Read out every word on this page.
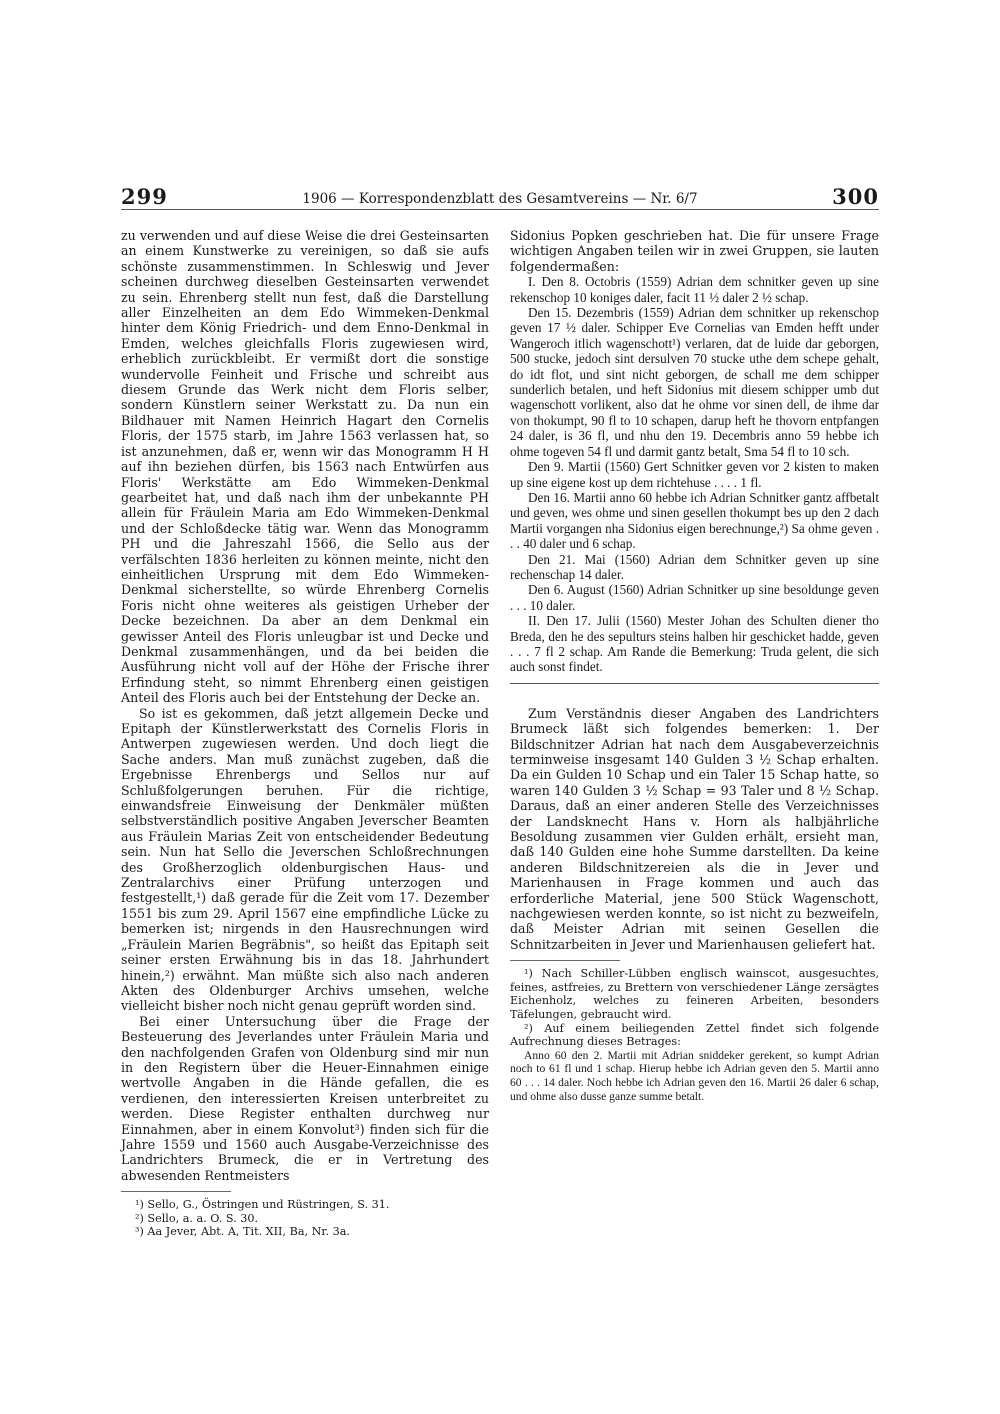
299	1906 — Korrespondenzblatt des Gesamtvereins — Nr. 6/7	300

zu verwenden und auf diese Weise die drei Gesteinsarten an einem Kunstwerke zu vereinigen, so daß sie aufs schönste zusammenstimmen. In Schleswig und Jever scheinen durchweg dieselben Gesteinsarten verwendet zu sein. Ehrenberg stellt nun fest, daß die Darstellung aller Einzelheiten an dem Edo Wimmeken-Denkmal hinter dem König Friedrich- und dem Enno-Denkmal in Emden, welches gleichfalls Floris zugewiesen wird, erheblich zurückbleibt. Er vermißt dort die sonstige wundervolle Feinheit und Frische und schreibt aus diesem Grunde das Werk nicht dem Floris selber, sondern Künstlern seiner Werkstatt zu. Da nun ein Bildhauer mit Namen Heinrich Hagart den Cornelis Floris, der 1575 starb, im Jahre 1563 verlassen hat, so ist anzunehmen, daß er, wenn wir das Monogramm H H auf ihn beziehen dürfen, bis 1563 nach Entwürfen aus Floris' Werkstätte am Edo Wimmeken-Denkmal gearbeitet hat, und daß nach ihm der unbekannte PH allein für Fräulein Maria am Edo Wimmeken-Denkmal und der Schloßdecke tätig war. Wenn das Monogramm PH und die Jahreszahl 1566, die Sello aus der verfälschten 1836 herleiten zu können meinte, nicht den einheitlichen Ursprung mit dem Edo Wimmeken-Denkmal sicherstellte, so würde Ehrenberg Cornelis Foris nicht ohne weiteres als geistigen Urheber der Decke bezeichnen. Da aber an dem Denkmal ein gewisser Anteil des Floris unleugbar ist und Decke und Denkmal zusammenhängen, und da bei beiden die Ausführung nicht voll auf der Höhe der Frische ihrer Erfindung steht, so nimmt Ehrenberg einen geistigen Anteil des Floris auch bei der Entstehung der Decke an.

So ist es gekommen, daß jetzt allgemein Decke und Epitaph der Künstlerwerkstatt des Cornelis Floris in Antwerpen zugewiesen werden. Und doch liegt die Sache anders. Man muß zunächst zugeben, daß die Ergebnisse Ehrenbergs und Sellos nur auf Schlußfolgerungen beruhen. Für die richtige, einwandsfreie Einweisung der Denkmäler müßten selbstverständlich positive Angaben Jeverscher Beamten aus Fräulein Marias Zeit von entscheidender Bedeutung sein. Nun hat Sello die Jeverschen Schloßrechnungen des Großherzoglich oldenburgischen Haus- und Zentralarchivs einer Prüfung unterzogen und festgestellt,¹) daß gerade für die Zeit vom 17. Dezember 1551 bis zum 29. April 1567 eine empfindliche Lücke zu bemerken ist; nirgends in den Hausrechnungen wird „Fräulein Marien Begräbnis", so heißt das Epitaph seit seiner ersten Erwähnung bis in das 18. Jahrhundert hinein,²) erwähnt. Man müßte sich also nach anderen Akten des Oldenburger Archivs umsehen, welche vielleicht bisher noch nicht genau geprüft worden sind.

Bei einer Untersuchung über die Frage der Besteuerung des Jeverlandes unter Fräulein Maria und den nachfolgenden Grafen von Oldenburg sind mir nun in den Registern über die Heuer-Einnahmen einige wertvolle Angaben in die Hände gefallen, die es verdienen, den interessierten Kreisen unterbreitet zu werden. Diese Register enthalten durchweg nur Einnahmen, aber in einem Konvolut³) finden sich für die Jahre 1559 und 1560 auch Ausgabe-Verzeichnisse des Landrichters Brumeck, die er in Vertretung des abwesenden Rentmeisters

¹) Sello, G., Östringen und Rüstringen, S. 31.

²) Sello, a. a. O. S. 30.

³) Aa Jever, Abt. A, Tit. XII, Ba, Nr. 3a.

Sidonius Popken geschrieben hat. Die für unsere Frage wichtigen Angaben teilen wir in zwei Gruppen, sie lauten folgendermaßen:

I. Den 8. Octobris (1559) Adrian dem schnitker geven up sine rekenschop 10 koniges daler, facit 11 ½ daler 2 ½ schap.

Den 15. Dezembris (1559) Adrian dem schnitker up rekenschop geven 17 ½ daler. Schipper Eve Cornelias van Emden hefft under Wangeroch itlich wagenschott¹) verlaren, dat de luide dar geborgen, 500 stucke, jedoch sint dersulven 70 stucke uthe dem schepe gehalt, do idt flot, und sint nicht geborgen, de schall me dem schipper sunderlich betalen, und heft Sidonius mit diesem schipper umb dut wagenschott vorlikent, also dat he ohme vor sinen dell, de ihme dar von thokumpt, 90 fl to 10 schapen, darup heft he thovorn entpfangen 24 daler, is 36 fl, und nhu den 19. Decembris anno 59 hebbe ich ohme togeven 54 fl und darmit gantz betalt, Sma 54 fl to 10 sch.

Den 9. Martii (1560) Gert Schnitker geven vor 2 kisten to maken up sine eigene kost up dem richtehuse . . . . 1 fl.

Den 16. Martii anno 60 hebbe ich Adrian Schnitker gantz affbetalt und geven, wes ohme und sinen gesellen thokumpt bes up den 2 dach Martii vorgangen nha Sidonius eigen berechnunge,²) Sa ohme geven . . . 40 daler und 6 schap.

Den 21. Mai (1560) Adrian dem Schnitker geven up sine rechenschap 14 daler.

Den 6. August (1560) Adrian Schnitker up sine besoldunge geven . . . 10 daler.

II. Den 17. Julii (1560) Mester Johan des Schulten diener tho Breda, den he des sepulturs steins halben hir geschicket hadde, geven . . . 7 fl 2 schap. Am Rande die Bemerkung: Truda gelent, die sich auch sonst findet.

Zum Verständnis dieser Angaben des Landrichters Brumeck läßt sich folgendes bemerken: 1. Der Bildschnitzer Adrian hat nach dem Ausgabeverzeichnis terminweise insgesamt 140 Gulden 3 ½ Schap erhalten. Da ein Gulden 10 Schap und ein Taler 15 Schap hatte, so waren 140 Gulden 3 ½ Schap = 93 Taler und 8 ½ Schap. Daraus, daß an einer anderen Stelle des Verzeichnisses der Landsknecht Hans v. Horn als halbjährliche Besoldung zusammen vier Gulden erhält, ersieht man, daß 140 Gulden eine hohe Summe darstellten. Da keine anderen Bildschnitzereien als die in Jever und Marienhausen in Frage kommen und auch das erforderliche Material, jene 500 Stück Wagenschott, nachgewiesen werden konnte, so ist nicht zu bezweifeln, daß Meister Adrian mit seinen Gesellen die Schnitzarbeiten in Jever und Marienhausen geliefert hat.

¹) Nach Schiller-Lübben englisch wainscot, ausgesuchtes, feines, astfreies, zu Brettern von verschiedener Länge zersägtes Eichenholz, welches zu feineren Arbeiten, besonders Täfelungen, gebraucht wird.

²) Auf einem beiliegenden Zettel findet sich folgende Aufrechnung dieses Betrages:

Anno 60 den 2. Martii mit Adrian sniddeker gerekent, so kumpt Adrian noch to 61 fl und 1 schap. Hierup hebbe ich Adrian geven den 5. Martii anno 60 . . . 14 daler. Noch hebbe ich Adrian geven den 16. Martii 26 daler 6 schap, und ohme also dusse ganze summe betalt.
